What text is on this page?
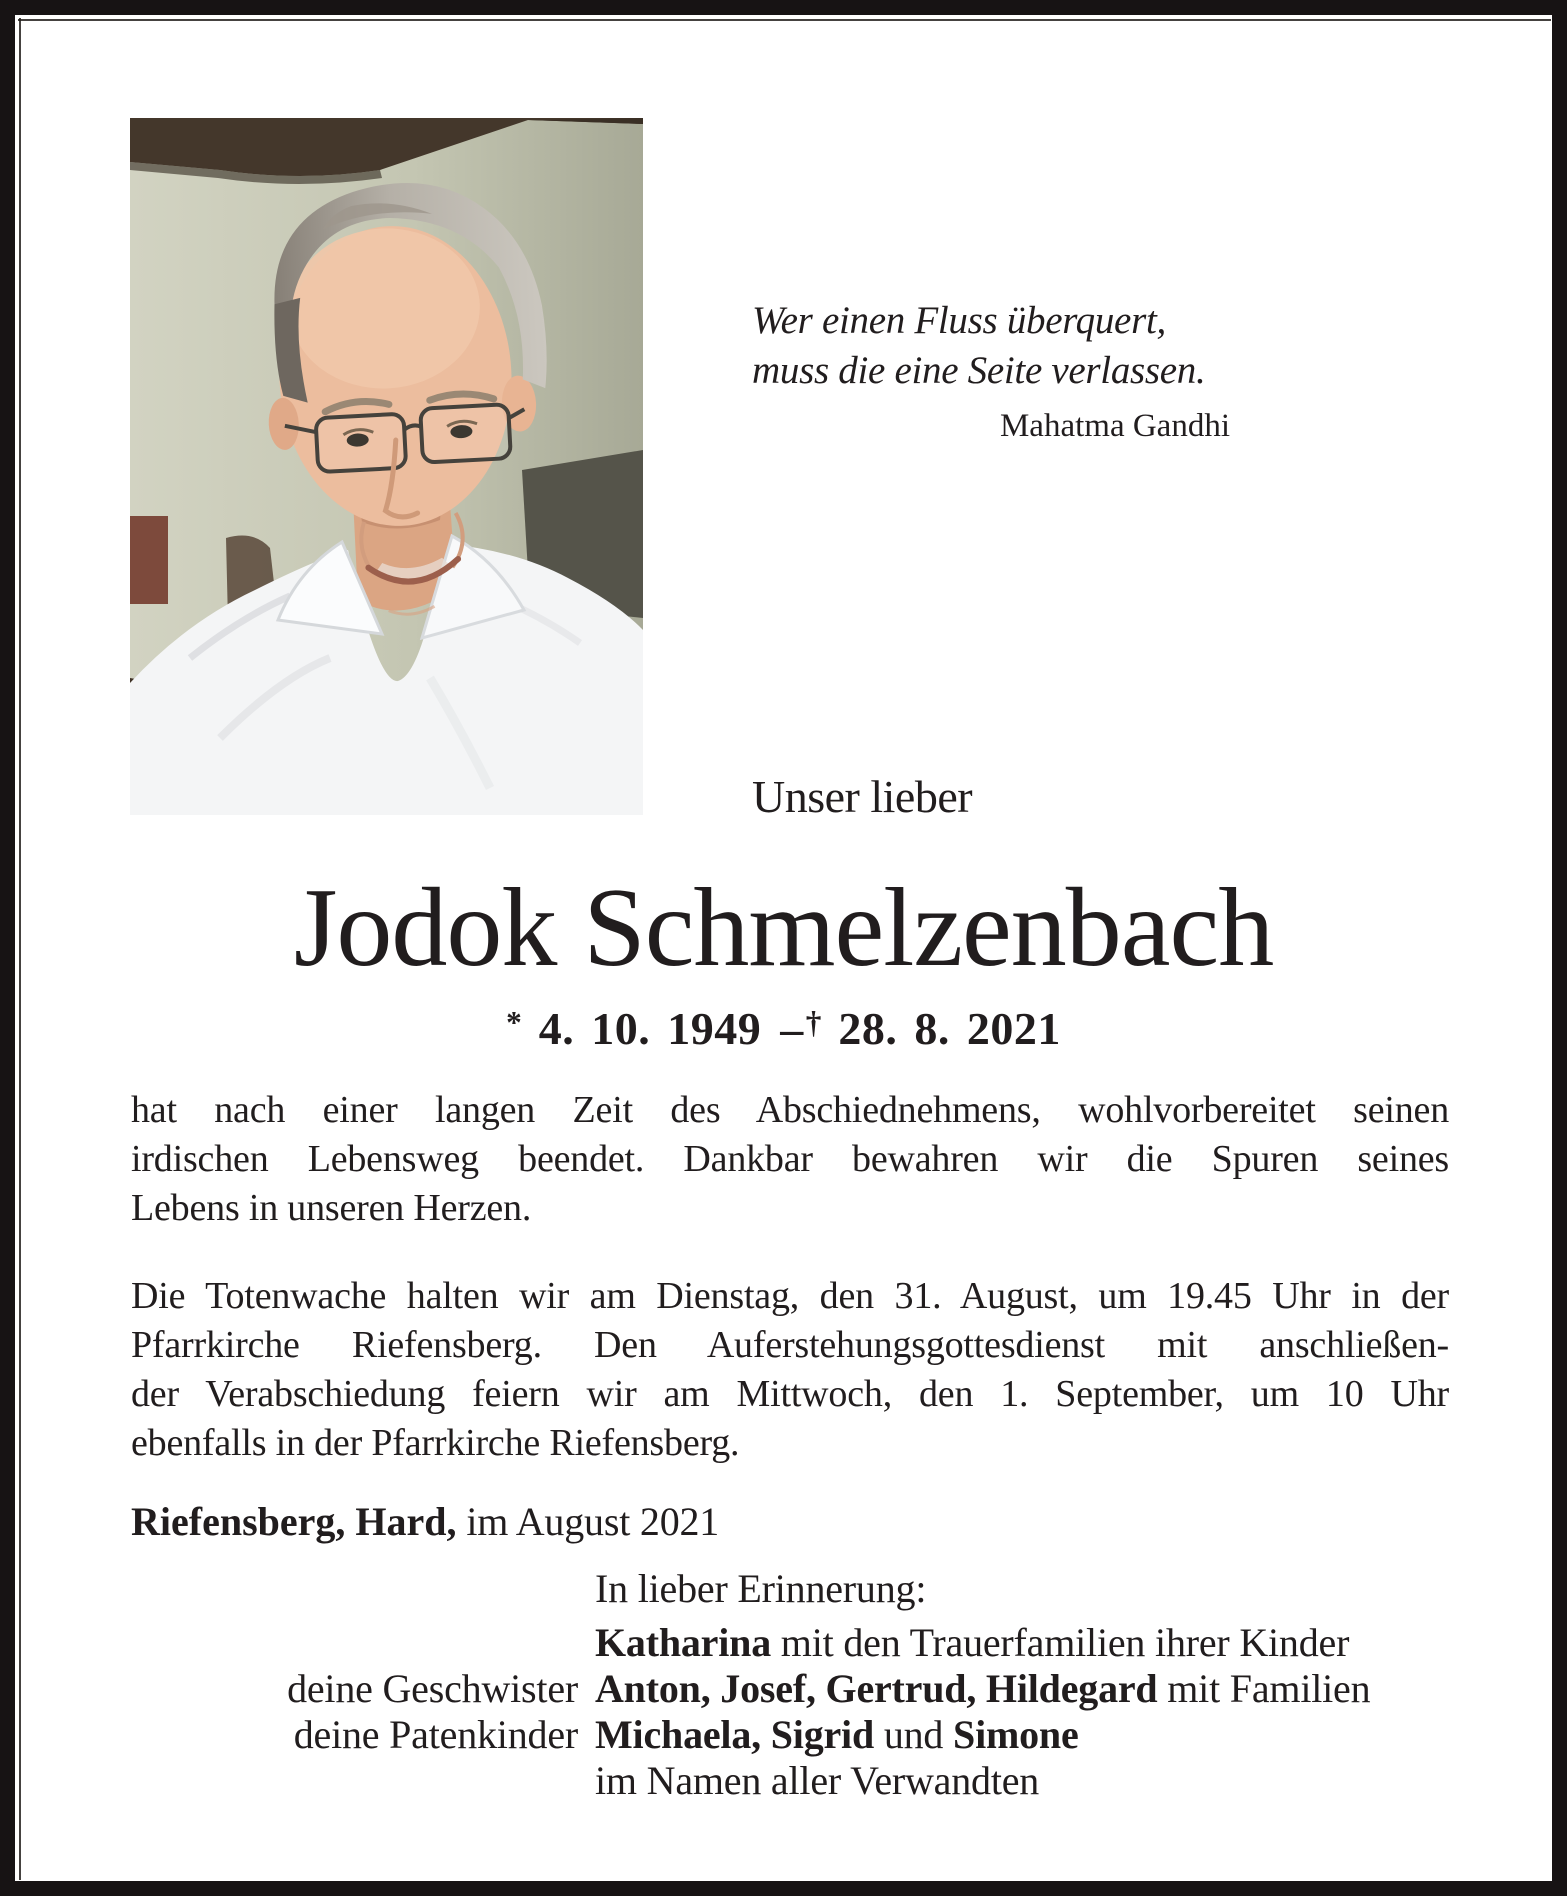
Wer einen Fluss überquert,
muss die eine Seite verlassen.
Mahatma Gandhi
Unser lieber
Jodok Schmelzenbach
* 4. 10. 1949 –† 28. 8. 2021
hat nach einer langen Zeit des Abschiednehmens, wohlvorbereitet seinen
irdischen Lebensweg beendet. Dankbar bewahren wir die Spuren seines
Lebens in unseren Herzen.
Die Totenwache halten wir am Dienstag, den 31. August, um 19.45 Uhr in der
Pfarrkirche Riefensberg. Den Auferstehungsgottesdienst mit anschließen-
der Verabschiedung feiern wir am Mittwoch, den 1. September, um 10 Uhr
ebenfalls in der Pfarrkirche Riefensberg.
Riefensberg, Hard, im August 2021
In lieber Erinnerung:
Katharina mit den Trauerfamilien ihrer Kinder
deine Geschwister Anton, Josef, Gertrud, Hildegard mit Familien
deine Patenkinder Michaela, Sigrid und Simone
im Namen aller Verwandten
